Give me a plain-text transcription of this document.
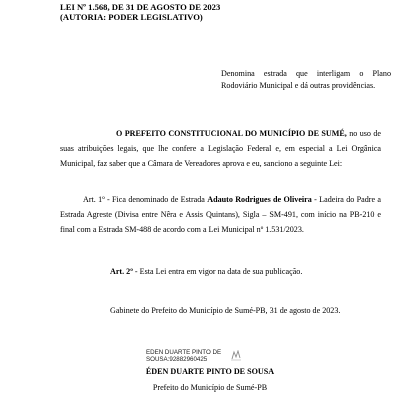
LEI Nº 1.568, DE 31 DE AGOSTO DE 2023
(AUTORIA: PODER LEGISLATIVO)
Denomina estrada que interligam o Plano Rodoviário Municipal e dá outras providências.
O PREFEITO CONSTITUCIONAL DO MUNICÍPIO DE SUMÉ, no uso de suas atribuições legais, que lhe confere a Legislação Federal e, em especial a Lei Orgânica Municipal, faz saber que a Câmara de Vereadores aprova e eu, sanciono a seguinte Lei:
Art. 1º - Fica denominado de Estrada Adauto Rodrigues de Oliveira - Ladeira do Padre a Estrada Agreste (Divisa entre Nêra e Assis Quintans), Sigla – SM-491, com início na PB-210 e final com a Estrada SM-488 de acordo com a Lei Municipal nº 1.531/2023.
Art. 2º - Esta Lei entra em vigor na data de sua publicação.
Gabinete do Prefeito do Município de Sumé-PB, 31 de agosto de 2023.
EDEN DUARTE PINTO DE
SOUSA:92882960425
ÉDEN DUARTE PINTO DE SOUSA
Prefeito do Município de Sumé-PB
